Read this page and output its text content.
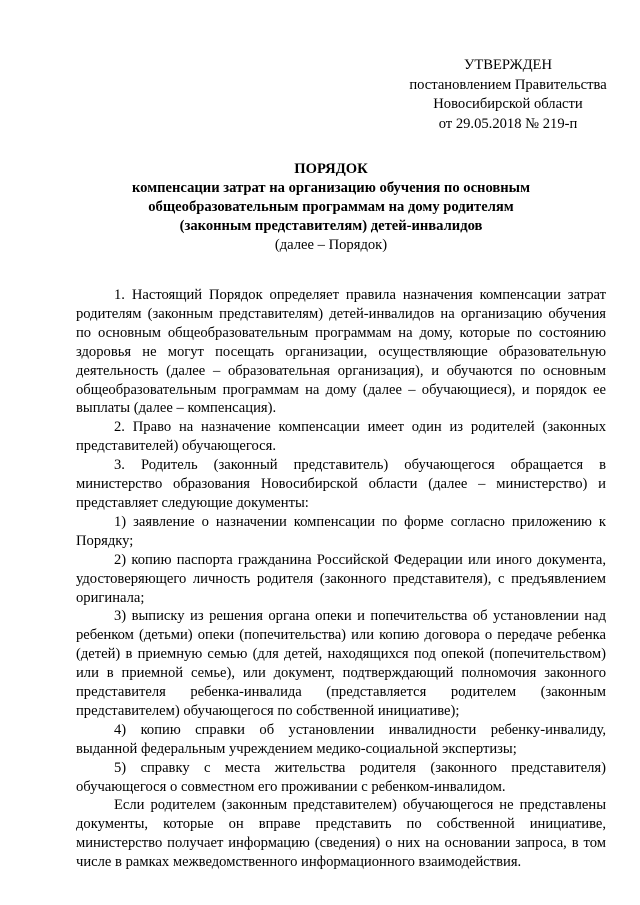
УТВЕРЖДЕН
постановлением Правительства
Новосибирской области
от 29.05.2018 № 219-п
ПОРЯДОК
компенсации затрат на организацию обучения по основным
общеобразовательным программам на дому родителям
(законным представителям) детей-инвалидов
(далее – Порядок)

1. Настоящий Порядок определяет правила назначения компенсации затрат родителям (законным представителям) детей-инвалидов на организацию обучения по основным общеобразовательным программам на дому, которые по состоянию здоровья не могут посещать организации, осуществляющие образовательную деятельность (далее – образовательная организация), и обучаются по основным общеобразовательным программам на дому (далее – обучающиеся), и порядок ее выплаты (далее – компенсация).

2. Право на назначение компенсации имеет один из родителей (законных представителей) обучающегося.

3. Родитель (законный представитель) обучающегося обращается в министерство образования Новосибирской области (далее – министерство) и представляет следующие документы:

1) заявление о назначении компенсации по форме согласно приложению к Порядку;

2) копию паспорта гражданина Российской Федерации или иного документа, удостоверяющего личность родителя (законного представителя), с предъявлением оригинала;

3) выписку из решения органа опеки и попечительства об установлении над ребенком (детьми) опеки (попечительства) или копию договора о передаче ребенка (детей) в приемную семью (для детей, находящихся под опекой (попечительством) или в приемной семье), или документ, подтверждающий полномочия законного представителя ребенка-инвалида (представляется родителем (законным представителем) обучающегося по собственной инициативе);

4) копию справки об установлении инвалидности ребенку-инвалиду, выданной федеральным учреждением медико-социальной экспертизы;

5) справку с места жительства родителя (законного представителя) обучающегося о совместном его проживании с ребенком-инвалидом.

Если родителем (законным представителем) обучающегося не представлены документы, которые он вправе представить по собственной инициативе, министерство получает информацию (сведения) о них на основании запроса, в том числе в рамках межведомственного информационного взаимодействия.
